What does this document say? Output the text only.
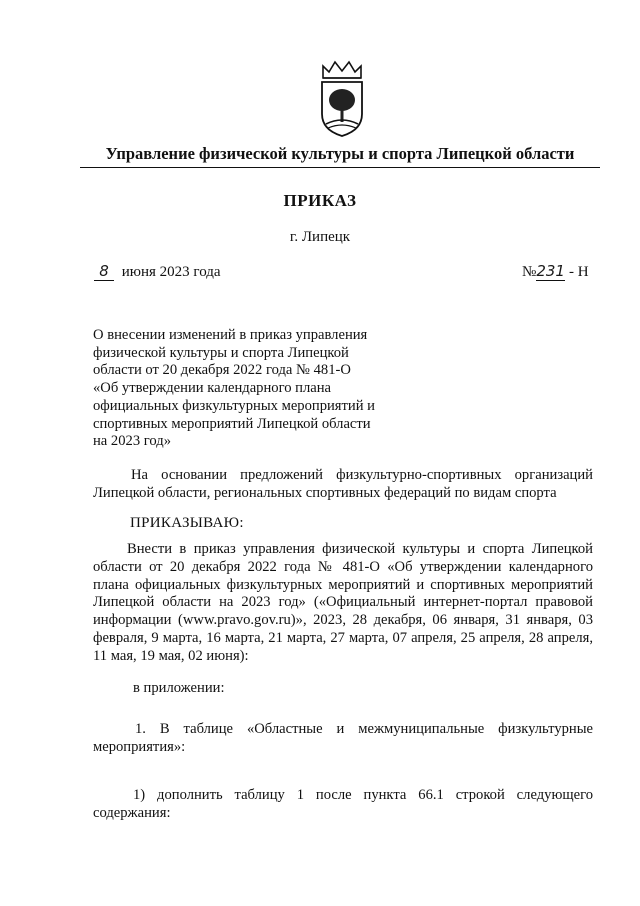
Управление физической культуры и спорта Липецкой области
ПРИКАЗ
г. Липецк
8 июня 2023 года	№231 - Н
О внесении изменений в приказ управления
физической культуры и спорта Липецкой
области от 20 декабря 2022 года № 481-О
«Об утверждении календарного плана
официальных физкультурных мероприятий и
спортивных мероприятий Липецкой области
на 2023 год»
На основании предложений физкультурно-спортивных организаций
Липецкой области, региональных спортивных федераций по видам спорта
ПРИКАЗЫВАЮ:
Внести в приказ управления физической культуры и спорта Липецкой
области от 20 декабря 2022 года № 481-О «Об утверждении календарного
плана официальных физкультурных мероприятий и спортивных мероприятий
Липецкой области на 2023 год» («Официальный интернет-портал правовой
информации (www.pravo.gov.ru)», 2023, 28 декабря, 06 января, 31 января, 03
февраля, 9 марта, 16 марта, 21 марта, 27 марта, 07 апреля, 25 апреля, 28 апреля,
11 мая, 19 мая, 02 июня):
в приложении:
1. В таблице «Областные и межмуниципальные физкультурные
мероприятия»:
1) дополнить таблицу 1 после пункта 66.1 строкой следующего
содержания:
